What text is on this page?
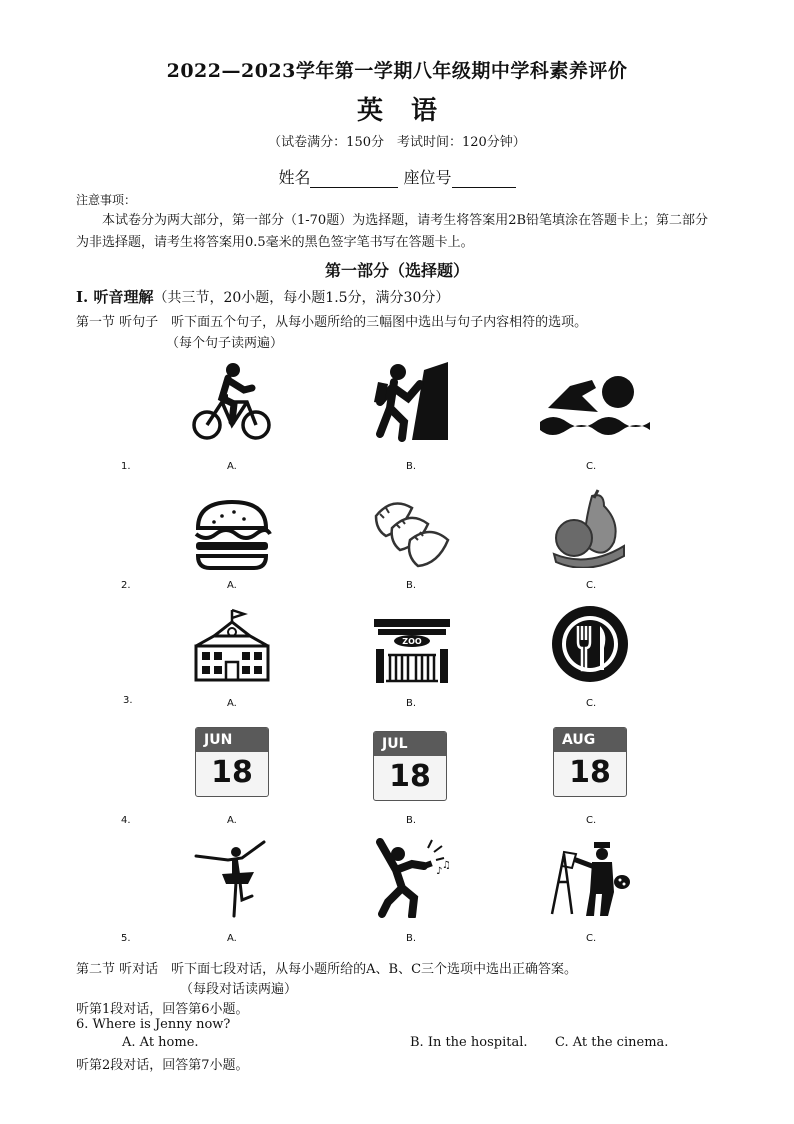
2022—2023学年第一学期八年级期中学科素养评价
英语
（试卷满分：150分　考试时间：120分钟）
姓名	座位号
注意事项：
本试卷分为两大部分，第一部分（1-70题）为选择题，请考生将答案用2B铅笔填涂在答题卡上；第二部分为非选择题，请考生将答案用0.5毫米的黑色签字笔书写在答题卡上。
第一部分（选择题）
I. 听音理解（共三节，20小题，每小题1.5分，满分30分）
第一节 听句子　听下面五个句子，从每小题所给的三幅图中选出与句子内容相符的选项。
（每个句子读两遍）
1.	A.	B.	C.
2.	A.	B.	C.
ZOO
3.	A.	B.	C.
JUN
18
JUL
18
AUG
18
4.	A.	B.	C.
♪
♫
5.	A.	B.	C.
第二节 听对话　听下面七段对话，从每小题所给的A、B、C三个选项中选出正确答案。
（每段对话读两遍）
听第1段对话，回答第6小题。
6. Where is Jenny now?
A. At home.	B. In the hospital. C. At the cinema.
听第2段对话，回答第7小题。
